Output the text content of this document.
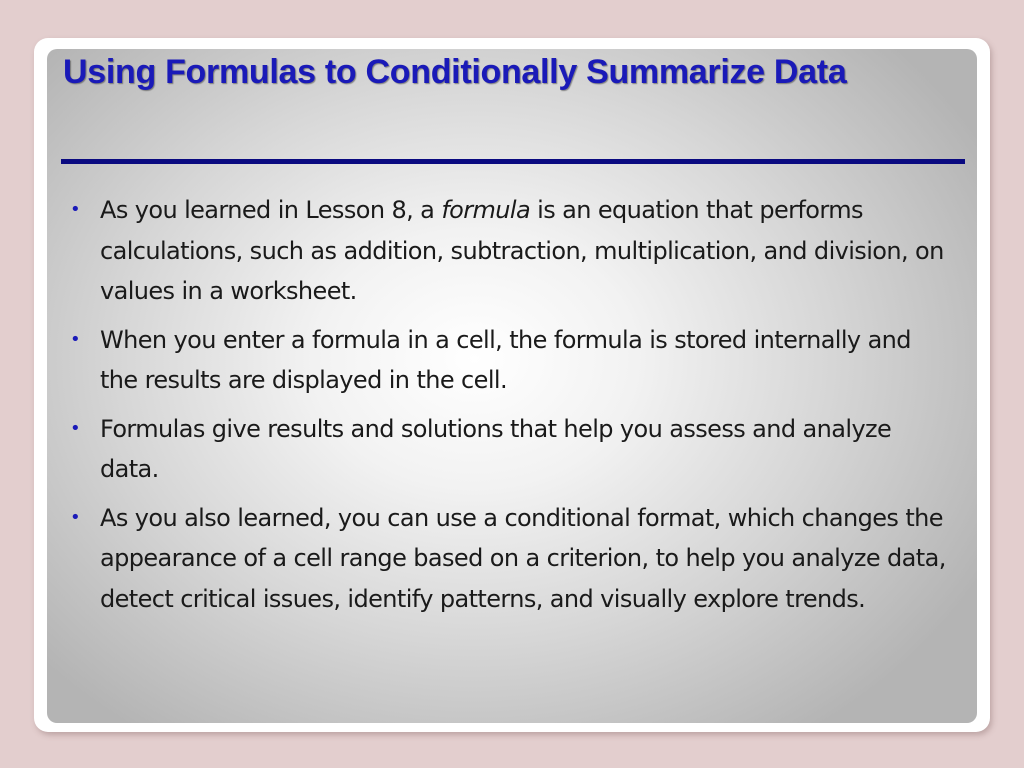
Using Formulas to Conditionally Summarize Data
• As you learned in Lesson 8, a formula is an equation that performs calculations, such as addition, subtraction, multiplication, and division, on values in a worksheet.
• When you enter a formula in a cell, the formula is stored internally and the results are displayed in the cell.
• Formulas give results and solutions that help you assess and analyze data.
• As you also learned, you can use a conditional format, which changes the appearance of a cell range based on a criterion, to help you analyze data, detect critical issues, identify patterns, and visually explore trends.
